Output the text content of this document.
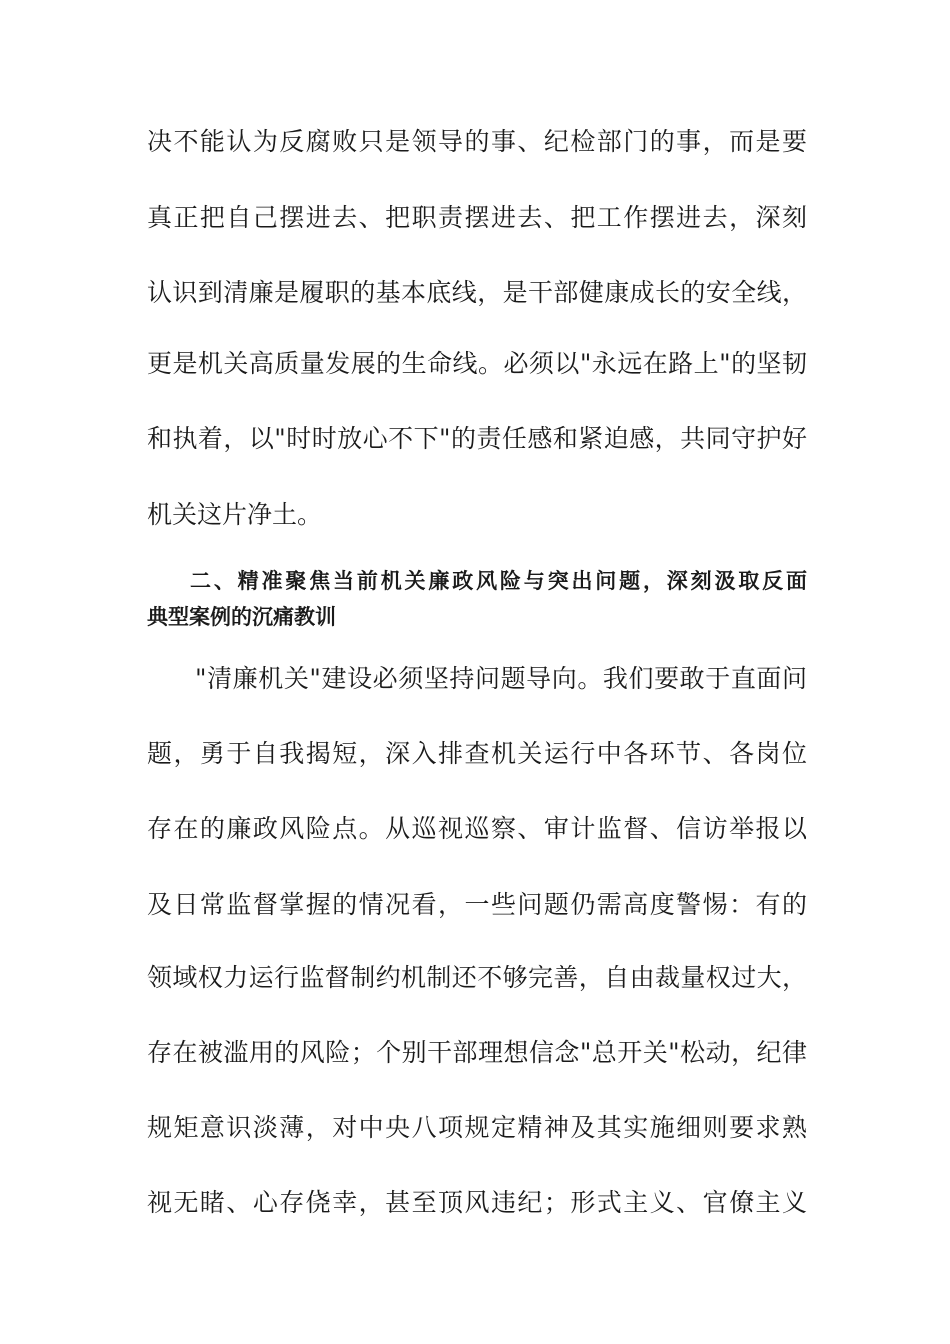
决不能认为反腐败只是领导的事、纪检部门的事，而是要
真正把自己摆进去、把职责摆进去、把工作摆进去，深刻
认识到清廉是履职的基本底线，是干部健康成长的安全线，
更是机关高质量发展的生命线。必须以"永远在路上"的坚韧
和执着，以"时时放心不下"的责任感和紧迫感，共同守护好
机关这片净土。
二、精准聚焦当前机关廉政风险与突出问题，深刻汲取反面
典型案例的沉痛教训
"清廉机关"建设必须坚持问题导向。我们要敢于直面问
题，勇于自我揭短，深入排查机关运行中各环节、各岗位
存在的廉政风险点。从巡视巡察、审计监督、信访举报以
及日常监督掌握的情况看，一些问题仍需高度警惕：有的
领域权力运行监督制约机制还不够完善，自由裁量权过大，
存在被滥用的风险；个别干部理想信念"总开关"松动，纪律
规矩意识淡薄，对中央八项规定精神及其实施细则要求熟
视无睹、心存侥幸，甚至顶风违纪；形式主义、官僚主义
